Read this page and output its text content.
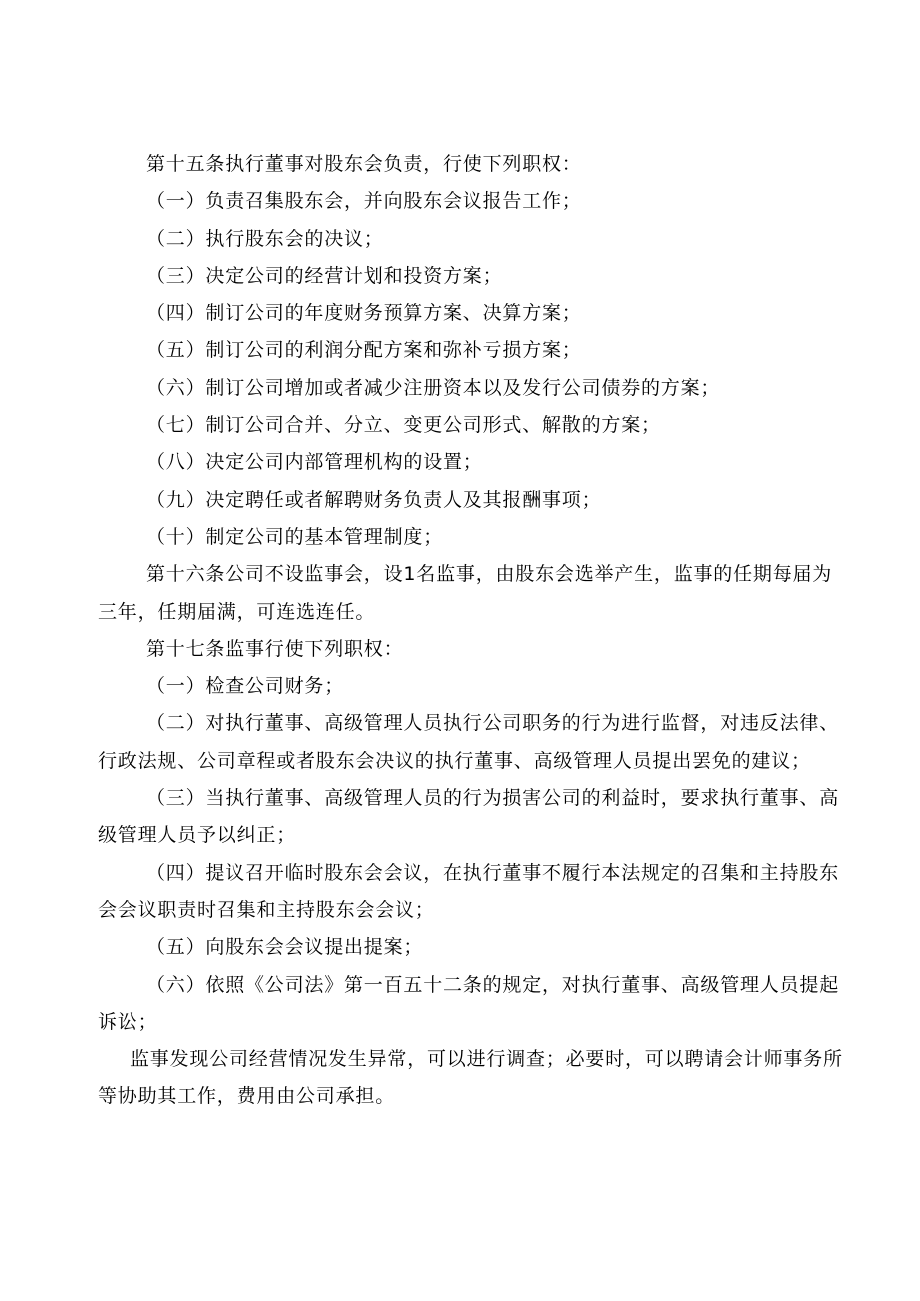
第十五条执行董事对股东会负责，行使下列职权：

（一）负责召集股东会，并向股东会议报告工作；

（二）执行股东会的决议；

（三）决定公司的经营计划和投资方案；

（四）制订公司的年度财务预算方案、决算方案；

（五）制订公司的利润分配方案和弥补亏损方案；

（六）制订公司增加或者减少注册资本以及发行公司债券的方案；

（七）制订公司合并、分立、变更公司形式、解散的方案；

（八）决定公司内部管理机构的设置；

（九）决定聘任或者解聘财务负责人及其报酬事项；

（十）制定公司的基本管理制度；

第十六条公司不设监事会，设1名监事，由股东会选举产生，监事的任期每届为三年，任期届满，可连选连任。

第十七条监事行使下列职权：

（一）检查公司财务；

（二）对执行董事、高级管理人员执行公司职务的行为进行监督，对违反法律、行政法规、公司章程或者股东会决议的执行董事、高级管理人员提出罢免的建议；

（三）当执行董事、高级管理人员的行为损害公司的利益时，要求执行董事、高级管理人员予以纠正；

（四）提议召开临时股东会会议，在执行董事不履行本法规定的召集和主持股东会会议职责时召集和主持股东会会议；

（五）向股东会会议提出提案；

（六）依照《公司法》第一百五十二条的规定，对执行董事、高级管理人员提起诉讼；

监事发现公司经营情况发生异常，可以进行调查；必要时，可以聘请会计师事务所等协助其工作，费用由公司承担。
